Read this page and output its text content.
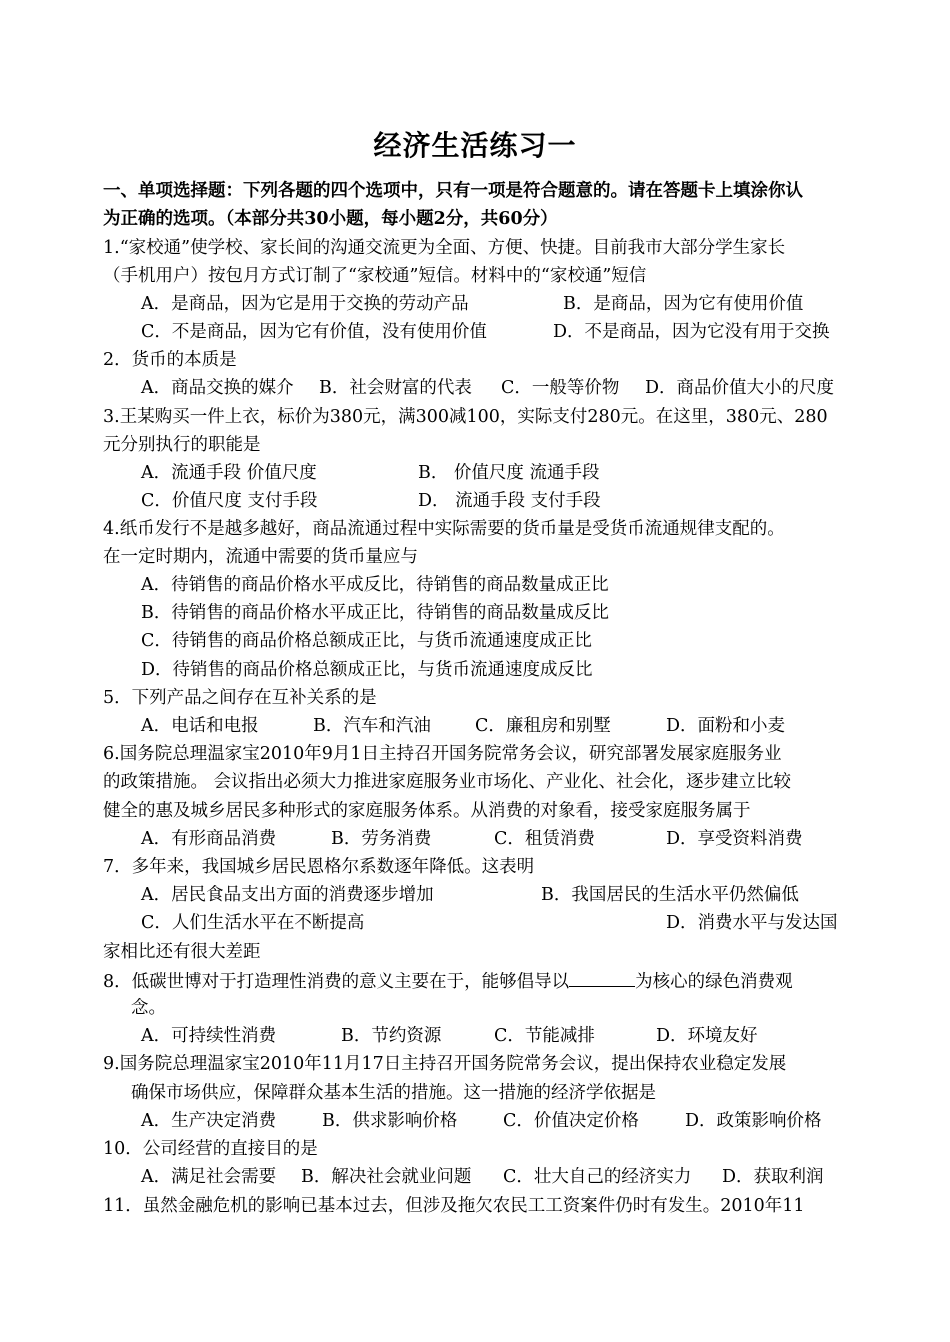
经济生活练习一
一、单项选择题：下列各题的四个选项中，只有一项是符合题意的。请在答题卡上填涂你认
为正确的选项。（本部分共30小题，每小题2分，共60分）
1.“家校通”使学校、家长间的沟通交流更为全面、方便、快捷。目前我市大部分学生家长
（手机用户）按包月方式订制了“家校通”短信。材料中的“家校通”短信
A．是商品，因为它是用于交换的劳动产品	B．是商品，因为它有使用价值
C．不是商品，因为它有价值，没有使用价值	D．不是商品，因为它没有用于交换
2．货币的本质是
A．商品交换的媒介 B．社会财富的代表 C．一般等价物 D．商品价值大小的尺度
3.王某购买一件上衣，标价为380元，满300减100，实际支付280元。在这里，380元、280
元分别执行的职能是
A．流通手段 价值尺度	B． 价值尺度 流通手段
C．价值尺度 支付手段	D． 流通手段 支付手段
4.纸币发行不是越多越好，商品流通过程中实际需要的货币量是受货币流通规律支配的。
在一定时期内，流通中需要的货币量应与
A．待销售的商品价格水平成反比，待销售的商品数量成正比
B．待销售的商品价格水平成正比，待销售的商品数量成反比
C．待销售的商品价格总额成正比，与货币流通速度成正比
D．待销售的商品价格总额成正比，与货币流通速度成反比
5．下列产品之间存在互补关系的是
A．电话和电报	B．汽车和汽油	C．廉租房和别墅	D．面粉和小麦
6.国务院总理温家宝2010年9月1日主持召开国务院常务会议，研究部署发展家庭服务业
的政策措施。 会议指出必须大力推进家庭服务业市场化、产业化、社会化，逐步建立比较
健全的惠及城乡居民多种形式的家庭服务体系。从消费的对象看，接受家庭服务属于
A．有形商品消费	B．劳务消费	C．租赁消费	D．享受资料消费
7．多年来，我国城乡居民恩格尔系数逐年降低。这表明
A．居民食品支出方面的消费逐步增加	B．我国居民的生活水平仍然偏低
C．人们生活水平在不断提高	D．消费水平与发达国
家相比还有很大差距
8．低碳世博对于打造理性消费的意义主要在于，能够倡导以	为核心的绿色消费观
念。
A．可持续性消费	B．节约资源	C．节能减排	D．环境友好
9.国务院总理温家宝2010年11月17日主持召开国务院常务会议，提出保持农业稳定发展
确保市场供应，保障群众基本生活的措施。这一措施的经济学依据是
A．生产决定消费	B．供求影响价格	C．价值决定价格	D．政策影响价格
10．公司经营的直接目的是
A．满足社会需要 B．解决社会就业问题 C．壮大自己的经济实力 D．获取利润
11．虽然金融危机的影响已基本过去，但涉及拖欠农民工工资案件仍时有发生。2010年11
